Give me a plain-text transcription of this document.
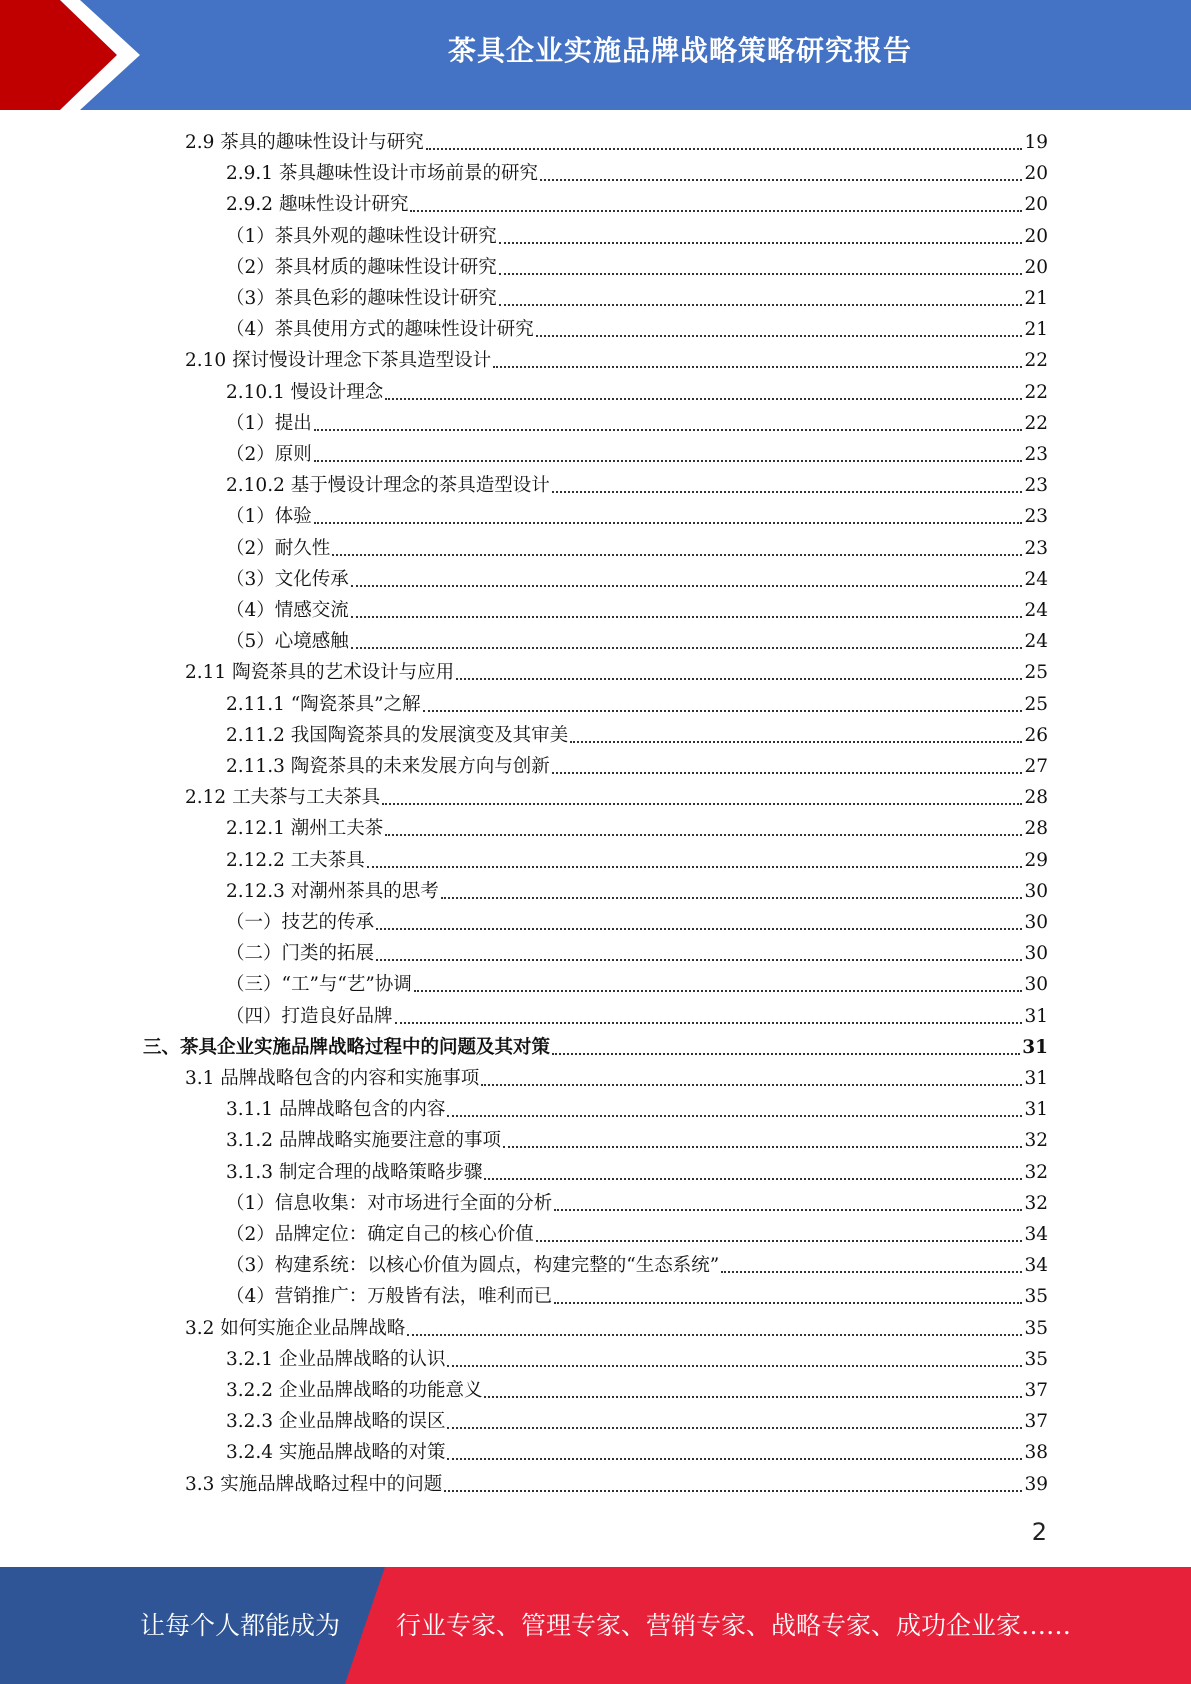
茶具企业实施品牌战略策略研究报告
2.9 茶具的趣味性设计与研究	19
2.9.1 茶具趣味性设计市场前景的研究	20
2.9.2 趣味性设计研究	20
（1）茶具外观的趣味性设计研究	20
（2）茶具材质的趣味性设计研究	20
（3）茶具色彩的趣味性设计研究	21
（4）茶具使用方式的趣味性设计研究	21
2.10 探讨慢设计理念下茶具造型设计	22
2.10.1 慢设计理念	22
（1）提出	22
（2）原则	23
2.10.2 基于慢设计理念的茶具造型设计	23
（1）体验	23
（2）耐久性	23
（3）文化传承	24
（4）情感交流	24
（5）心境感触	24
2.11 陶瓷茶具的艺术设计与应用	25
2.11.1 “陶瓷茶具”之解	25
2.11.2 我国陶瓷茶具的发展演变及其审美	26
2.11.3 陶瓷茶具的未来发展方向与创新	27
2.12 工夫茶与工夫茶具	28
2.12.1 潮州工夫茶	28
2.12.2 工夫茶具	29
2.12.3 对潮州茶具的思考	30
（一）技艺的传承	30
（二）门类的拓展	30
（三）“工”与“艺”协调	30
（四）打造良好品牌	31
三、茶具企业实施品牌战略过程中的问题及其对策	31
3.1 品牌战略包含的内容和实施事项	31
3.1.1 品牌战略包含的内容	31
3.1.2 品牌战略实施要注意的事项	32
3.1.3 制定合理的战略策略步骤	32
（1）信息收集：对市场进行全面的分析	32
（2）品牌定位：确定自己的核心价值	34
（3）构建系统：以核心价值为圆点，构建完整的“生态系统”	34
（4）营销推广：万般皆有法，唯利而已	35
3.2 如何实施企业品牌战略	35
3.2.1 企业品牌战略的认识	35
3.2.2 企业品牌战略的功能意义	37
3.2.3 企业品牌战略的误区	37
3.2.4 实施品牌战略的对策	38
3.3 实施品牌战略过程中的问题	39
2
让每个人都能成为 行业专家、管理专家、营销专家、战略专家、成功企业家……
